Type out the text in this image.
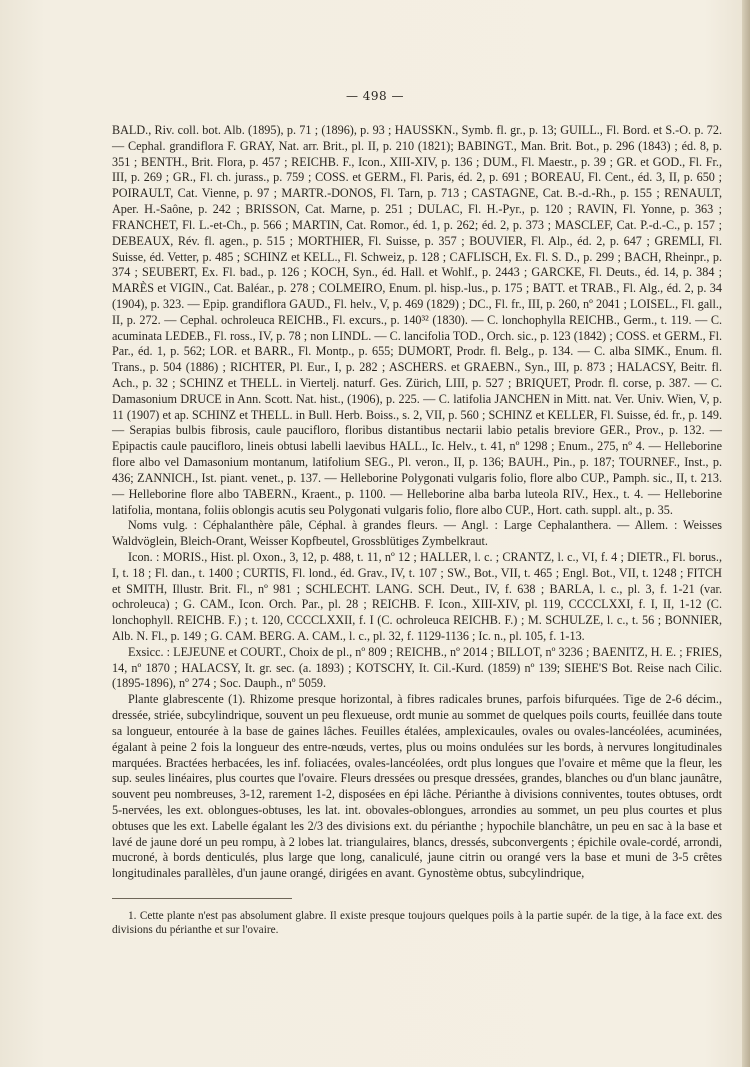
— 498 —

BALD., Riv. coll. bot. Alb. (1895), p. 71 ; (1896), p. 93 ; HAUSSKN., Symb. fl. gr., p. 13; GUILL., Fl. Bord. et S.-O. p. 72. — Cephal. grandiflora F. GRAY, Nat. arr. Brit., pl. II, p. 210 (1821); BABINGT., Man. Brit. Bot., p. 296 (1843) ; éd. 8, p. 351 ; BENTH., Brit. Flora, p. 457 ; REICHB. F., Icon., XIII-XIV, p. 136 ; DUM., Fl. Maestr., p. 39 ; GR. et GOD., Fl. Fr., III, p. 269 ; GR., Fl. ch. jurass., p. 759 ; COSS. et GERM., Fl. Paris, éd. 2, p. 691 ; BOREAU, Fl. Cent., éd. 3, II, p. 650 ; POIRAULT, Cat. Vienne, p. 97 ; MARTR.-DONOS, Fl. Tarn, p. 713 ; CASTAGNE, Cat. B.-d.-Rh., p. 155 ; RENAULT, Aper. H.-Saône, p. 242 ; BRISSON, Cat. Marne, p. 251 ; DULAC, Fl. H.-Pyr., p. 120 ; RAVIN, Fl. Yonne, p. 363 ; FRANCHET, Fl. L.-et-Ch., p. 566 ; MARTIN, Cat. Romor., éd. 1, p. 262; éd. 2, p. 373 ; MASCLEF, Cat. P.-d.-C., p. 157 ; DEBEAUX, Rév. fl. agen., p. 515 ; MORTHIER, Fl. Suisse, p. 357 ; BOUVIER, Fl. Alp., éd. 2, p. 647 ; GREMLI, Fl. Suisse, éd. Vetter, p. 485 ; SCHINZ et KELL., Fl. Schweiz, p. 128 ; CAFLISCH, Ex. Fl. S. D., p. 299 ; BACH, Rheinpr., p. 374 ; SEUBERT, Ex. Fl. bad., p. 126 ; KOCH, Syn., éd. Hall. et Wohlf., p. 2443 ; GARCKE, Fl. Deuts., éd. 14, p. 384 ; MARÈS et VIGIN., Cat. Baléar., p. 278 ; COLMEIRO, Enum. pl. hisp.-lus., p. 175 ; BATT. et TRAB., Fl. Alg., éd. 2, p. 34 (1904), p. 323. — Epip. grandiflora GAUD., Fl. helv., V, p. 469 (1829) ; DC., Fl. fr., III, p. 260, nº 2041 ; LOISEL., Fl. gall., II, p. 272. — Cephal. ochroleuca REICHB., Fl. excurs., p. 140³² (1830). — C. lonchophylla REICHB., Germ., t. 119. — C. acuminata LEDEB., Fl. ross., IV, p. 78 ; non LINDL. — C. lancifolia TOD., Orch. sic., p. 123 (1842) ; COSS. et GERM., Fl. Par., éd. 1, p. 562; LOR. et BARR., Fl. Montp., p. 655; DUMORT, Prodr. fl. Belg., p. 134. — C. alba SIMK., Enum. fl. Trans., p. 504 (1886) ; RICHTER, Pl. Eur., I, p. 282 ; ASCHERS. et GRAEBN., Syn., III, p. 873 ; HALACSY, Beitr. fl. Ach., p. 32 ; SCHINZ et THELL. in Viertelj. naturf. Ges. Zürich, LIII, p. 527 ; BRIQUET, Prodr. fl. corse, p. 387. — C. Damasonium DRUCE in Ann. Scott. Nat. hist., (1906), p. 225. — C. latifolia JANCHEN in Mitt. nat. Ver. Univ. Wien, V, p. 11 (1907) et ap. SCHINZ et THELL. in Bull. Herb. Boiss., s. 2, VII, p. 560 ; SCHINZ et KELLER, Fl. Suisse, éd. fr., p. 149. — Serapias bulbis fibrosis, caule paucifloro, floribus distantibus nectarii labio petalis breviore GER., Prov., p. 132. — Epipactis caule paucifloro, lineis obtusi labelli laevibus HALL., Ic. Helv., t. 41, nº 1298 ; Enum., 275, nº 4. — Helleborine flore albo vel Damasonium montanum, latifolium SEG., Pl. veron., II, p. 136; BAUH., Pin., p. 187; TOURNEF., Inst., p. 436; ZANNICH., Ist. piant. venet., p. 137. — Helleborine Polygonati vulgaris folio, flore albo CUP., Pamph. sic., II, t. 213. — Helleborine flore albo TABERN., Kraent., p. 1100. — Helleborine alba barba luteola RIV., Hex., t. 4. — Helleborine latifolia, montana, foliis oblongis acutis seu Polygonati vulgaris folio, flore albo CUP., Hort. cath. suppl. alt., p. 35.

Noms vulg. : Céphalanthère pâle, Céphal. à grandes fleurs. — Angl. : Large Cephalanthera. — Allem. : Weisses Waldvöglein, Bleich-Orant, Weisser Kopfbeutel, Grossblütiges Zymbelkraut.

Icon. : MORIS., Hist. pl. Oxon., 3, 12, p. 488, t. 11, nº 12 ; HALLER, l. c. ; CRANTZ, l. c., VI, f. 4 ; DIETR., Fl. borus., I, t. 18 ; Fl. dan., t. 1400 ; CURTIS, Fl. lond., éd. Grav., IV, t. 107 ; SW., Bot., VII, t. 465 ; Engl. Bot., VII, t. 1248 ; FITCH et SMITH, Illustr. Brit. Fl., nº 981 ; SCHLECHT. LANG. SCH. Deut., IV, f. 638 ; BARLA, l. c., pl. 3, f. 1-21 (var. ochroleuca) ; G. CAM., Icon. Orch. Par., pl. 28 ; REICHB. F. Icon., XIII-XIV, pl. 119, CCCCLXXI, f. I, II, 1-12 (C. lonchophyll. REICHB. F.) ; t. 120, CCCCLXXII, f. I (C. ochroleuca REICHB. F.) ; M. SCHULZE, l. c., t. 56 ; BONNIER, Alb. N. Fl., p. 149 ; G. CAM. BERG. A. CAM., l. c., pl. 32, f. 1129-1136 ; Ic. n., pl. 105, f. 1-13.

Exsicc. : LEJEUNE et COURT., Choix de pl., nº 809 ; REICHB., nº 2014 ; BILLOT, nº 3236 ; BAENITZ, H. E. ; FRIES, 14, nº 1870 ; HALACSY, It. gr. sec. (a. 1893) ; KOTSCHY, It. Cil.-Kurd. (1859) nº 139; SIEHE'S Bot. Reise nach Cilic. (1895-1896), nº 274 ; Soc. Dauph., nº 5059.

Plante glabrescente (1). Rhizome presque horizontal, à fibres radicales brunes, parfois bifurquées. Tige de 2-6 décim., dressée, striée, subcylindrique, souvent un peu flexueuse, ordt munie au sommet de quelques poils courts, feuillée dans toute sa longueur, entourée à la base de gaines lâches. Feuilles étalées, amplexicaules, ovales ou ovales-lancéolées, acuminées, égalant à peine 2 fois la longueur des entre-nœuds, vertes, plus ou moins ondulées sur les bords, à nervures longitudinales marquées. Bractées herbacées, les inf. foliacées, ovales-lancéolées, ordt plus longues que l'ovaire et même que la fleur, les sup. seules linéaires, plus courtes que l'ovaire. Fleurs dressées ou presque dressées, grandes, blanches ou d'un blanc jaunâtre, souvent peu nombreuses, 3-12, rarement 1-2, disposées en épi lâche. Périanthe à divisions conniventes, toutes obtuses, ordt 5-nervées, les ext. oblongues-obtuses, les lat. int. obovales-oblongues, arrondies au sommet, un peu plus courtes et plus obtuses que les ext. Labelle égalant les 2/3 des divisions ext. du périanthe ; hypochile blanchâtre, un peu en sac à la base et lavé de jaune doré un peu rompu, à 2 lobes lat. triangulaires, blancs, dressés, subconvergents ; épichile ovale-cordé, arrondi, mucroné, à bords denticulés, plus large que long, canaliculé, jaune citrin ou orangé vers la base et muni de 3-5 crêtes longitudinales parallèles, d'un jaune orangé, dirigées en avant. Gynostème obtus, subcylindrique,

1. Cette plante n'est pas absolument glabre. Il existe presque toujours quelques poils à la partie supér. de la tige, à la face ext. des divisions du périanthe et sur l'ovaire.
